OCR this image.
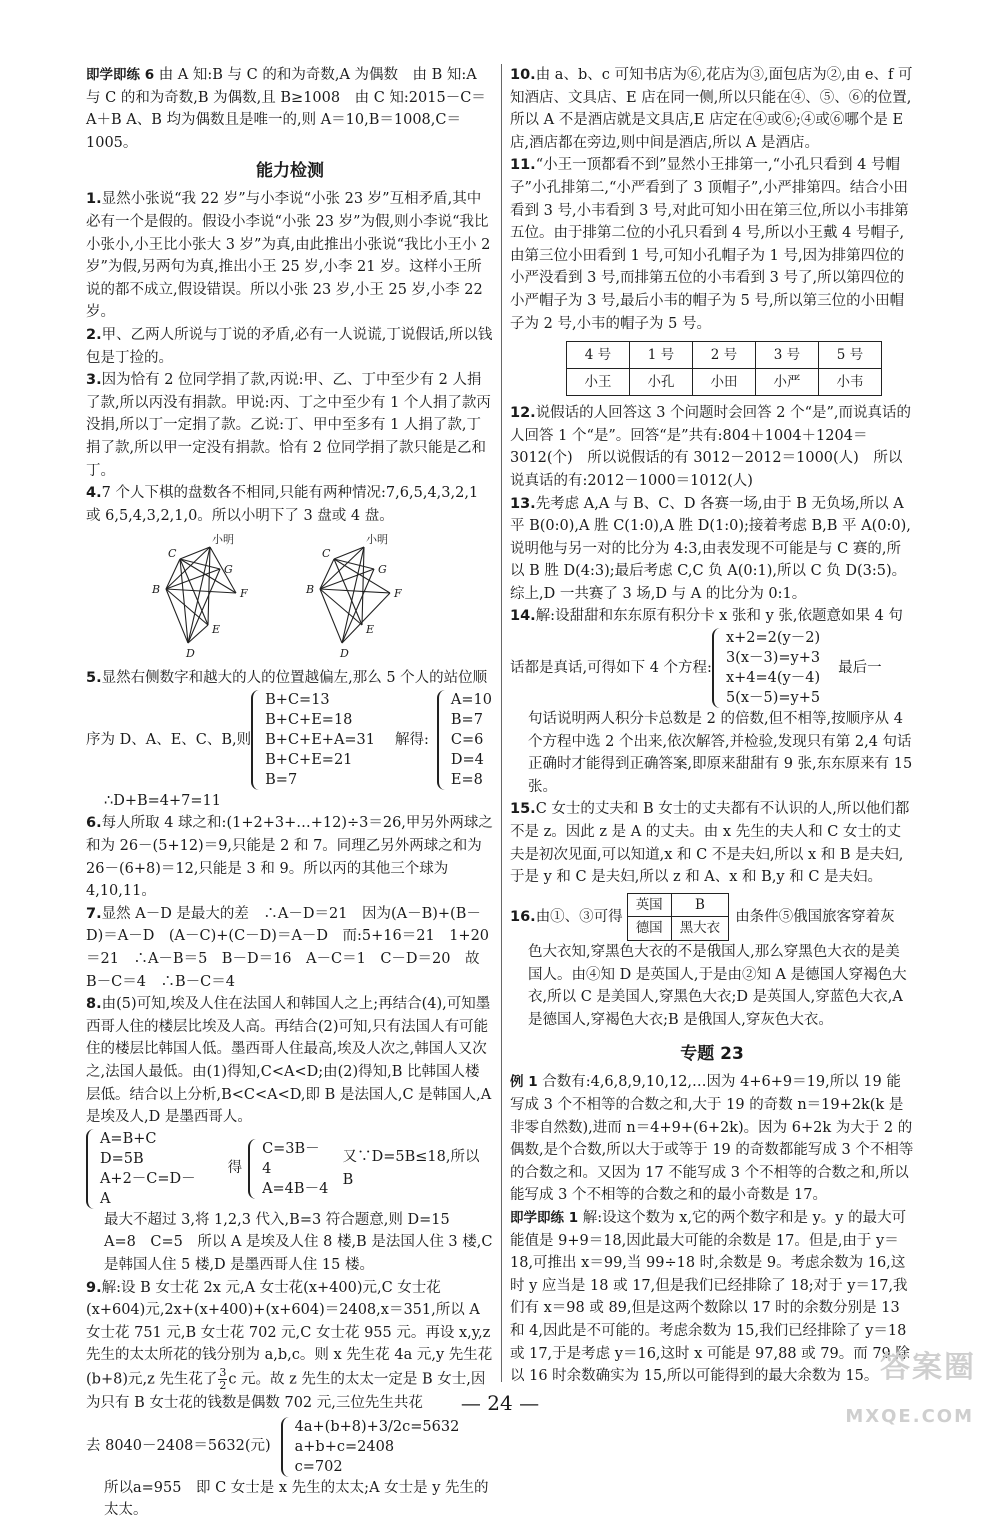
即学即练 6 由 A 知:B 与 C 的和为奇数,A 为偶数　由 B 知:A 与 C 的和为奇数,B 为偶数,且 B≥1008　由 C 知:2015－C＝A＋B A、B 均为偶数且是唯一的,则 A＝10,B＝1008,C＝1005。

能力检测

1.显然小张说“我 22 岁”与小李说“小张 23 岁”互相矛盾,其中必有一个是假的。假设小李说“小张 23 岁”为假,则小李说“我比小张小,小王比小张大 3 岁”为真,由此推出小张说“我比小王小 2 岁”为假,另两句为真,推出小王 25 岁,小李 21 岁。这样小王所说的都不成立,假设错误。所以小张 23 岁,小王 25 岁,小李 22 岁。

2.甲、乙两人所说与丁说的矛盾,必有一人说谎,丁说假话,所以钱包是丁捡的。

3.因为恰有 2 位同学捐了款,丙说:甲、乙、丁中至少有 2 人捐了款,所以丙没有捐款。甲说:丙、丁之中至少有 1 个人捐了款丙没捐,所以丁一定捐了款。乙说:丁、甲中至多有 1 人捐了款,丁捐了款,所以甲一定没有捐款。恰有 2 位同学捐了款只能是乙和丁。

4.7 个人下棋的盘数各不相同,只能有两种情况:7,6,5,4,3,2,1 或 6,5,4,3,2,1,0。所以小明下了 3 盘或 4 盘。

B
C
小明
G
F
E
D
B
C
小明
G
F
E
D

5.显然右侧数字和越大的人的位置越偏左,那么 5 个人的站位顺

序为 D、A、E、C、B,则
B+C=13
B+C+E=18
B+C+E+A=31
B+C+E=21
B=7
解得:
A=10
B=7
C=6
D=4
E=8

∴D+B=4+7=11

6.每人所取 4 球之和:(1+2+3+…+12)÷3＝26,甲另外两球之和为 26－(5+12)＝9,只能是 2 和 7。同理乙另外两球之和为 26－(6+8)＝12,只能是 3 和 9。所以丙的其他三个球为 4,10,11。

7.显然 A－D 是最大的差　∴A－D＝21　因为(A－B)+(B－D)＝A－D　(A－C)+(C－D)＝A－D　而:5+16＝21　1+20＝21　∴A－B＝5　B－D＝16　A－C＝1　C－D＝20　故 B－C＝4　∴B－C＝4

8.由(5)可知,埃及人住在法国人和韩国人之上;再结合(4),可知墨西哥人住的楼层比埃及人高。再结合(2)可知,只有法国人有可能住的楼层比韩国人低。墨西哥人住最高,埃及人次之,韩国人又次之,法国人最低。由(1)得知,C<A<D;由(2)得知,B 比韩国人楼层低。结合以上分析,B<C<A<D,即 B 是法国人,C 是韩国人,A 是埃及人,D 是墨西哥人。

A=B+C
D=5B
A+2－C=D－A
得
C=3B－4
A=4B－4
又∵D=5B≤18,所以 B

最大不超过 3,将 1,2,3 代入,B=3 符合题意,则 D=15　A=8　C=5　所以 A 是埃及人住 8 楼,B 是法国人住 3 楼,C 是韩国人住 5 楼,D 是墨西哥人住 15 楼。

9.解:设 B 女士花 2x 元,A 女士花(x+400)元,C 女士花(x+604)元,2x+(x+400)+(x+604)＝2408,x＝351,所以 A 女士花 751 元,B 女士花 702 元,C 女士花 955 元。再设 x,y,z 先生的太太所花的钱分别为 a,b,c。则 x 先生花 4a 元,y 先生花(b+8)元,z 先生花了 $\frac{3}{2}$ c 元。故 z 先生的太太一定是 B 女士,因为只有 B 女士花的钱数是偶数 702 元,三位先生共花

去 8040－2408＝5632(元)
4a+(b+8)+3/2c=5632
a+b+c=2408
c=702

所以a=955　即 C 女士是 x 先生的太太;A 女士是 y 先生的太太。

10.由 a、b、c 可知书店为⑥,花店为③,面包店为②,由 e、f 可知酒店、文具店、E 店在同一侧,所以只能在④、⑤、⑥的位置,所以 A 不是酒店就是文具店,E 店定在④或⑥;④或⑥哪个是 E 店,酒店都在旁边,则中间是酒店,所以 A 是酒店。

11.“小王一顶都看不到”显然小王排第一,“小孔只看到 4 号帽子”小孔排第二,“小严看到了 3 顶帽子”,小严排第四。结合小田看到 3 号,小韦看到 3 号,对此可知小田在第三位,所以小韦排第五位。由于排第二位的小孔只看到 4 号,所以小王戴 4 号帽子,由第三位小田看到 1 号,可知小孔帽子为 1 号,因为排第四位的小严没看到 3 号,而排第五位的小韦看到 3 号了,所以第四位的小严帽子为 3 号,最后小韦的帽子为 5 号,所以第三位的小田帽子为 2 号,小韦的帽子为 5 号。

4 号	1 号	2 号	3 号	5 号
小王	小孔	小田	小严	小韦

12.说假话的人回答这 3 个问题时会回答 2 个“是”,而说真话的人回答 1 个“是”。回答“是”共有:804＋1004＋1204＝3012(个)　所以说假话的有 3012－2012＝1000(人)　所以说真话的有:2012－1000＝1012(人)

13.先考虑 A,A 与 B、C、D 各赛一场,由于 B 无负场,所以 A 平 B(0:0),A 胜 C(1:0),A 胜 D(1:0);接着考虑 B,B 平 A(0:0),说明他与另一对的比分为 4:3,由表发现不可能是与 C 赛的,所以 B 胜 D(4:3);最后考虑 C,C 负 A(0:1),所以 C 负 D(3:5)。综上,D 一共赛了 3 场,D 与 A 的比分为 0:1。

14.解:设甜甜和东东原有积分卡 x 张和 y 张,依题意如果 4 句

话都是真话,可得如下 4 个方程:
x+2=2(y－2)
3(x－3)=y+3
x+4=4(y－4)
5(x－5)=y+5
最后一

句话说明两人积分卡总数是 2 的倍数,但不相等,按顺序从 4 个方程中选 2 个出来,依次解答,并检验,发现只有第 2,4 句话正确时才能得到正确答案,即原来甜甜有 9 张,东东原来有 15 张。

15.C 女士的丈夫和 B 女士的丈夫都有不认识的人,所以他们都不是 z。因此 z 是 A 的丈夫。由 x 先生的夫人和 C 女士的丈夫是初次见面,可以知道,x 和 C 不是夫妇,所以 x 和 B 是夫妇,于是 y 和 C 是夫妇,所以 z 和 A、x 和 B,y 和 C 是夫妇。

16. 由①、③可得
英国	B
德国	黑大衣
由条件⑤俄国旅客穿着灰

色大衣知,穿黑色大衣的不是俄国人,那么穿黑色大衣的是美国人。由④知 D 是英国人,于是由②知 A 是德国人穿褐色大衣,所以 C 是美国人,穿黑色大衣;D 是英国人,穿蓝色大衣,A 是德国人,穿褐色大衣;B 是俄国人,穿灰色大衣。

专题 23

例 1 合数有:4,6,8,9,10,12,…因为 4+6+9＝19,所以 19 能写成 3 个不相等的合数之和,大于 19 的奇数 n＝19+2k(k 是非零自然数),进而 n＝4+9+(6+2k)。因为 6+2k 为大于 2 的偶数,是个合数,所以大于或等于 19 的奇数都能写成 3 个不相等的合数之和。又因为 17 不能写成 3 个不相等的合数之和,所以能写成 3 个不相等的合数之和的最小奇数是 17。

即学即练 1 解:设这个数为 x,它的两个数字和是 y。y 的最大可能值是 9+9＝18,因此最大可能的余数是 17。但是,由于 y＝18,可推出 x＝99,当 99÷18 时,余数是 9。考虑余数为 16,这时 y 应当是 18 或 17,但是我们已经排除了 18;对于 y＝17,我们有 x＝98 或 89,但是这两个数除以 17 时的余数分别是 13 和 4,因此是不可能的。考虑余数为 15,我们已经排除了 y＝18 或 17,于是考虑 y＝16,这时 x 可能是 97,88 或 79。而 79 除以 16 时余数确实为 15,所以可能得到的最大余数为 15。

— 24 —
答案圈
MXQE.COM
